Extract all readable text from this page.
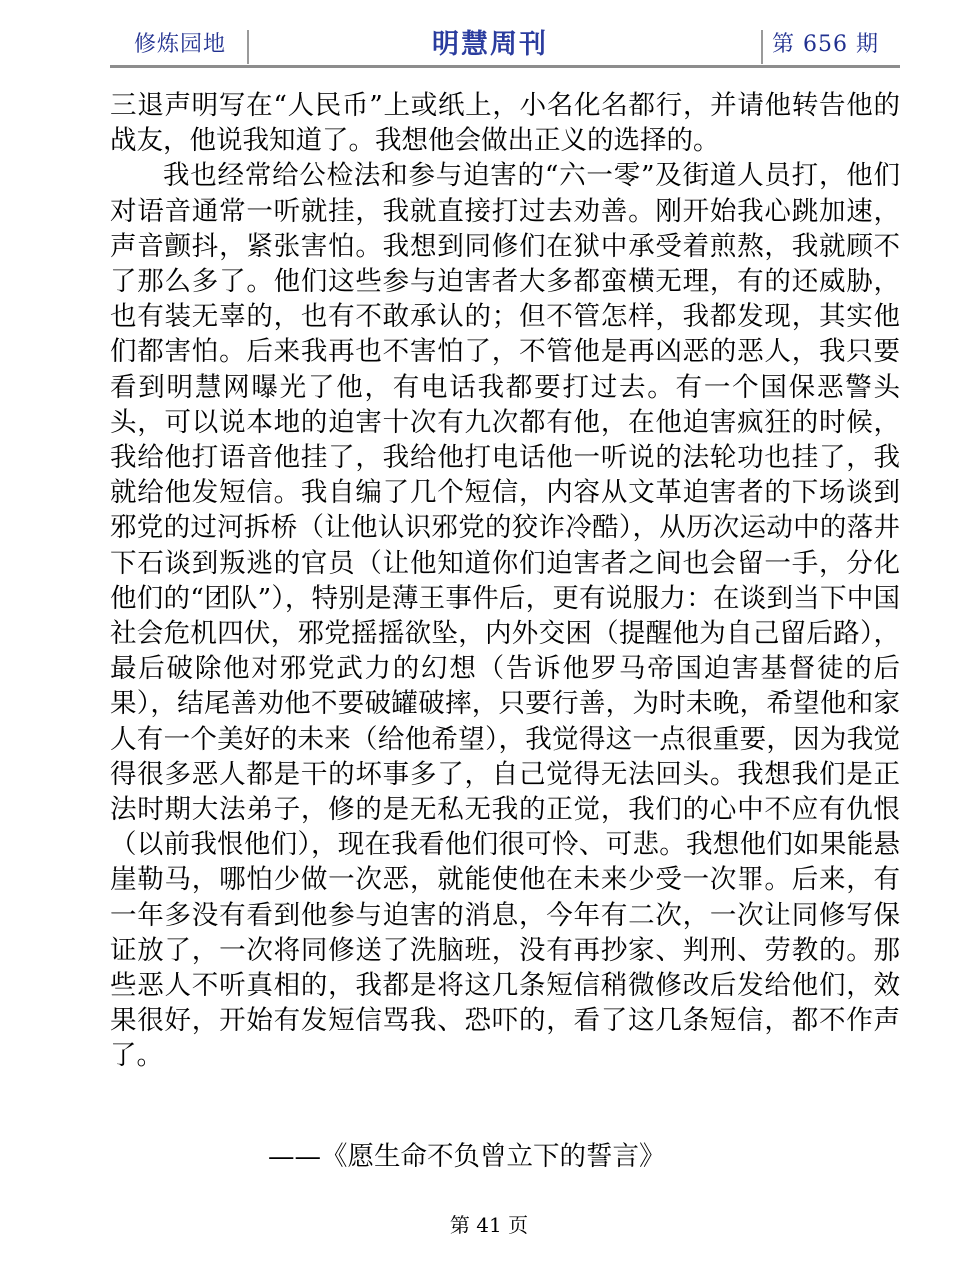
修炼园地	明慧周刊	第 656 期

三退声明写在“人民币”上或纸上，小名化名都行，并请他转告他的战友，他说我知道了。我想他会做出正义的选择的。

我也经常给公检法和参与迫害的“六一零”及街道人员打，他们对语音通常一听就挂，我就直接打过去劝善。刚开始我心跳加速，声音颤抖，紧张害怕。我想到同修们在狱中承受着煎熬，我就顾不了那么多了。他们这些参与迫害者大多都蛮横无理，有的还威胁，也有装无辜的，也有不敢承认的；但不管怎样，我都发现，其实他们都害怕。后来我再也不害怕了，不管他是再凶恶的恶人，我只要看到明慧网曝光了他，有电话我都要打过去。有一个国保恶警头头，可以说本地的迫害十次有九次都有他，在他迫害疯狂的时候，我给他打语音他挂了，我给他打电话他一听说的法轮功也挂了，我就给他发短信。我自编了几个短信，内容从文革迫害者的下场谈到邪党的过河拆桥（让他认识邪党的狡诈冷酷），从历次运动中的落井下石谈到叛逃的官员（让他知道你们迫害者之间也会留一手，分化他们的“团队”），特别是薄王事件后，更有说服力：在谈到当下中国社会危机四伏，邪党摇摇欲坠，内外交困（提醒他为自己留后路），最后破除他对邪党武力的幻想（告诉他罗马帝国迫害基督徒的后果），结尾善劝他不要破罐破摔，只要行善，为时未晚，希望他和家人有一个美好的未来（给他希望），我觉得这一点很重要，因为我觉得很多恶人都是干的坏事多了，自己觉得无法回头。我想我们是正法时期大法弟子，修的是无私无我的正觉，我们的心中不应有仇恨（以前我恨他们），现在我看他们很可怜、可悲。我想他们如果能悬崖勒马，哪怕少做一次恶，就能使他在未来少受一次罪。后来，有一年多没有看到他参与迫害的消息，今年有二次，一次让同修写保证放了，一次将同修送了洗脑班，没有再抄家、判刑、劳教的。那些恶人不听真相的，我都是将这几条短信稍微修改后发给他们，效果很好，开始有发短信骂我、恐吓的，看了这几条短信，都不作声了。

——《愿生命不负曾立下的誓言》
第 41 页
